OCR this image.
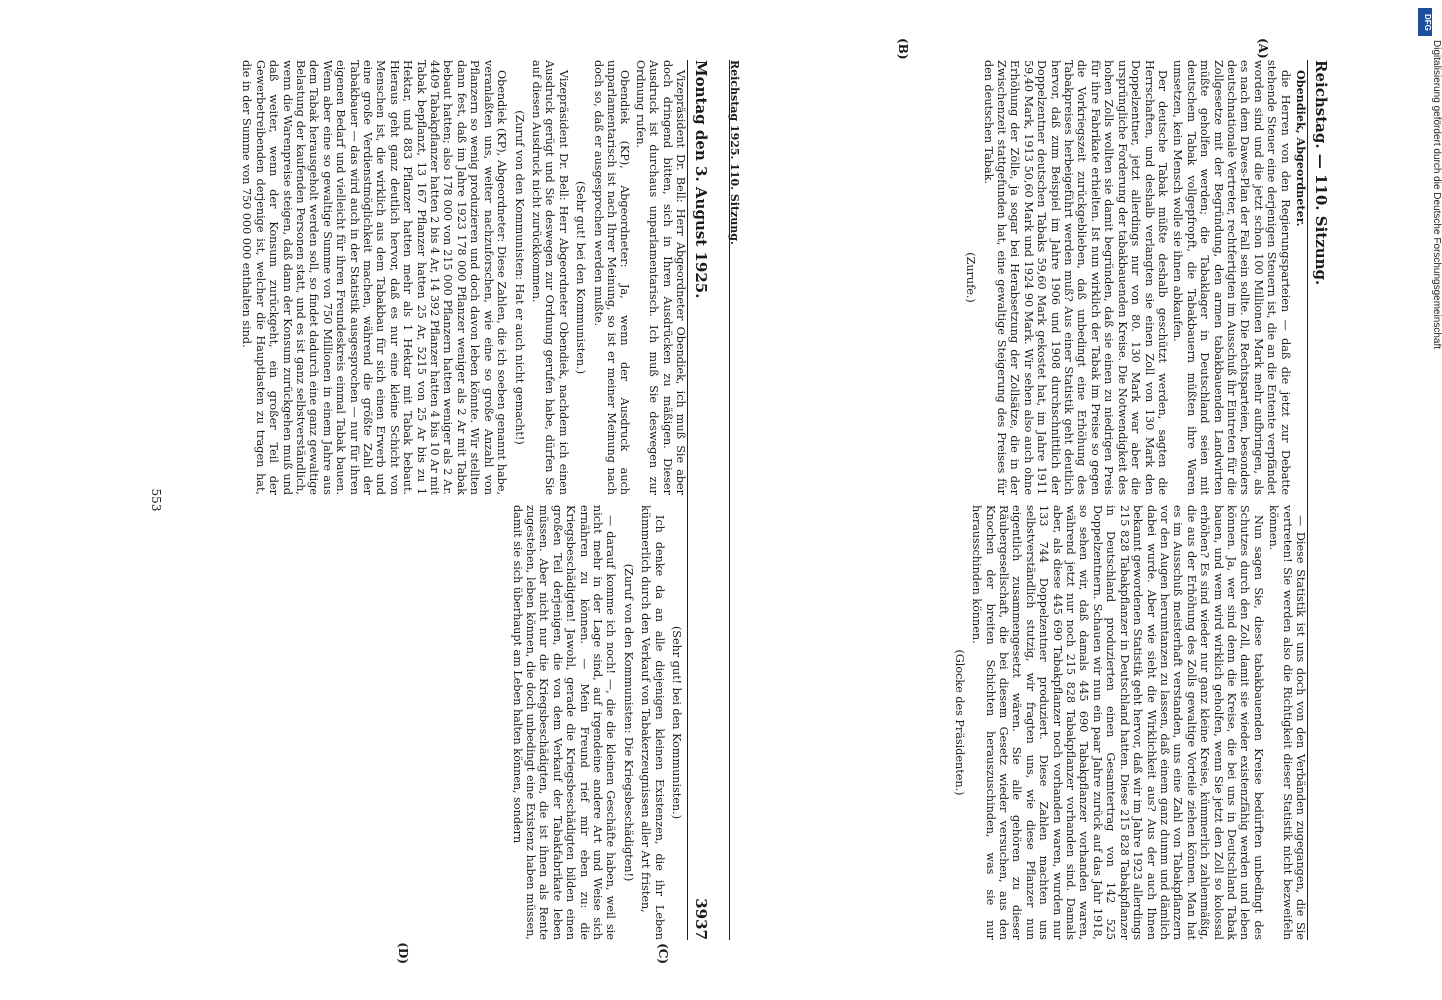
Reichstag. — 110. Sitzung.

Obendiek, Abgeordneter.

die Herren von den Regierungsparteien — daß die jetzt zur Debatte stehende Steuer eine derjenigen Steuern ist, die an die Entente verpfändet worden sind und die jetzt schon 100 Millionen Mark mehr aufbringen, als es nach dem Dawes-Plan der Fall sein sollte. Die Rechtsparteien, besonders deutschnationale Vertreter, rechtfertigten im Ausschuß ihr Eintreten für die Zollgesetze mit der Begründung, den armen tabakbauenden Landwirten müßte geholfen werden; die Tabaklager in Deutschland seien mit deutschem Tabak vollgepfropft, die Tabakbauern müßten ihre Waren umsetzen, kein Mensch wolle sie ihnen abkaufen.

Der deutsche Tabak müßte deshalb geschützt werden, sagten die Herrschaften, und deshalb verlangten sie einen Zoll von 130 Mark den Doppelzentner, jetzt allerdings nur von 80. 130 Mark war aber die ursprüngliche Forderung der tabakbauenden Kreise. Die Notwendigkeit des hohen Zolls wollten sie damit begründen, daß sie einen zu niedrigen Preis für ihre Fabrikate erhielten. Ist nun wirklich der Tabak im Preise so gegen die Vorkriegszeit zurückgeblieben, daß unbedingt eine Erhöhung des Tabakpreises herbeigeführt werden muß? Aus einer Statistik geht deutlich hervor, daß zum Beispiel im Jahre 1906 und 1908 durchschnittlich der Doppelzentner deutschen Tabaks 59,60 Mark gekostet hat, im Jahre 1911 59,40 Mark, 1913 50,60 Mark und 1924 90 Mark. Wir sehen also auch ohne Erhöhung der Zölle, ja sogar bei Herabsetzung der Zollsätze, die in der Zwischenzeit stattgefunden hat, eine gewaltige Steigerung des Preises für den deutschen Tabak.

(Zurufe.)

— Diese Statistik ist uns doch von den Verbänden zugegangen, die Sie vertreten! Sie werden also die Richtigkeit dieser Statistik nicht bezweifeln können.

Nun sagen Sie, diese tabakbauenden Kreise bedürften unbedingt des Schutzes durch den Zoll, damit sie wieder existenzfähig werden und leben können. Ja, wer sind denn die Kreise, die bei uns in Deutschland Tabak bauen, und wem wird wirklich geholfen, wenn Sie jetzt den Zoll so kolossal erhöhen? Es sind wieder nur ganz kleine Kreise, kümmerlich zahlenmäßig, die aus der Erhöhung des Zolls gewaltige Vorteile ziehen können. Man hat es im Ausschuß meisterhaft verstanden, uns eine Zahl von Tabakpflanzern vor den Augen herumtanzen zu lassen, daß einem ganz dumm und dämlich dabei wurde. Aber wie sieht die Wirklichkeit aus? Aus der auch Ihnen bekannt gewordenen Statistik geht hervor, daß wir im Jahre 1923 allerdings 215 828 Tabakpflanzer in Deutschland hatten. Diese 215 828 Tabakpflanzer in Deutschland produzierten einen Gesamtertrag von 142 525 Doppelzentnern. Schauen wir nun ein paar Jahre zurück auf das Jahr 1918, so sehen wir, daß damals 445 690 Tabakpflanzer vorhanden waren, während jetzt nur noch 215 828 Tabakpflanzer vorhanden sind. Damals aber, als diese 445 690 Tabakpflanzer noch vorhanden waren, wurden nur 133 744 Doppelzentner produziert. Diese Zahlen machten uns selbstverständlich stutzig, wir fragten uns, wie diese Pflanzer nun eigentlich zusammengesetzt wären. Sie alle gehören zu dieser Räubergesellschaft, die bei diesem Gesetz wieder versuchen, aus den Knochen der breiten Schichten herauszuschinden, was sie nur herausschinden können.

(Glocke des Präsidenten.)

Reichstag 1925. 110. Sitzung.
(A)
(B)
Montag den 3. August 1925.
3937

Vizepräsident Dr. Bell: Herr Abgeordneter Obendiek, ich muß Sie aber doch dringend bitten, sich in Ihren Ausdrücken zu mäßigen. Dieser Ausdruck ist durchaus unparlamentarisch. Ich muß Sie deswegen zur Ordnung rufen.

Obendiek (KP), Abgeordneter: Ja, wenn der Ausdruck auch unparlamentarisch ist nach Ihrer Meinung, so ist er meiner Meinung nach doch so, daß er ausgesprochen werden mußte.

(Sehr gut! bei den Kommunisten.)

Vizepräsident Dr. Bell: Herr Abgeordneter Obendiek, nachdem ich einen Ausdruck gerügt und Sie deswegen zur Ordnung gerufen habe, dürfen Sie auf diesen Ausdruck nicht zurückkommen.

(Zuruf von den Kommunisten: Hat er auch nicht gemacht!)

Obendiek (KP), Abgeordneter: Diese Zahlen, die ich soeben genannt habe, veranlaßten uns, weiter nachzuforschen, wie eine so große Anzahl von Pflanzern so wenig produzieren und doch davon leben könnte. Wir stellten dann fest, daß im Jahre 1923 178 000 Pflanzer weniger als 2 Ar mit Tabak bebaut hatten; also 178 000 von 215 000 Pflanzern hatten weniger als 2 Ar. 4409 Tabakpflanzer hatten 2 bis 4 Ar, 14 392 Pflanzer hatten 4 bis 10 Ar mit Tabak bepflanzt, 13 167 Pflanzer hatten 25 Ar, 5215 von 25 Ar bis zu 1 Hektar, und 883 Pflanzer hatten mehr als 1 Hektar mit Tabak bebaut. Hieraus geht ganz deutlich hervor, daß es nur eine kleine Schicht von Menschen ist, die wirklich aus dem Tabakbau für sich einen Erwerb und eine große Verdienstmöglichkeit machen, während die größte Zahl der Tabakbauer — das wird auch in der Statistik ausgesprochen — nur für ihren eigenen Bedarf und vielleicht für ihren Freundeskreis einmal Tabak bauen. Wenn aber eine so gewaltige Summe von 750 Millionen in einem Jahre aus dem Tabak herausgeholt werden soll, so findet dadurch eine ganz gewaltige Belastung der kaufenden Personen statt, und es ist ganz selbstverständlich, wenn die Warenpreise steigen, daß dann der Konsum zurückgehen muß und daß weiter, wenn der Konsum zurückgeht, ein großer Teil der Gewerbetreibenden derjenige ist, welcher die Hauptlasten zu tragen hat, die in der Summe von 750 000 000 enthalten sind.

(Sehr gut! bei den Kommunisten.)

Ich denke da an alle diejenigen kleinen Existenzen, die ihr Leben kümmerlich durch den Verkauf von Tabakerzeugnissen aller Art fristen,

(Zuruf von den Kommunisten: Die Kriegsbeschädigten!)

— darauf komme ich noch! —, die die kleinen Geschäfte haben, weil sie nicht mehr in der Lage sind, auf irgendeine andere Art und Weise sich ernähren zu können. — Mein Freund rief mir eben zu: die Kriegsbeschädigten! Jawohl, gerade die Kriegsbeschädigten bilden einen großen Teil derjenigen, die von dem Verkauf der Tabakfabrikate leben müssen. Aber nicht nur die Kriegsbeschädigten, die ist ihnen als Rente zugestehen, leben können, die doch unbedingt eine Existenz haben müssen, damit sie sich überhaupt am Leben halten können, sondern

553
(C)
(D)
Digitalisierung gefördert durch die Deutsche Forschungsgemeinschaft
DFG
